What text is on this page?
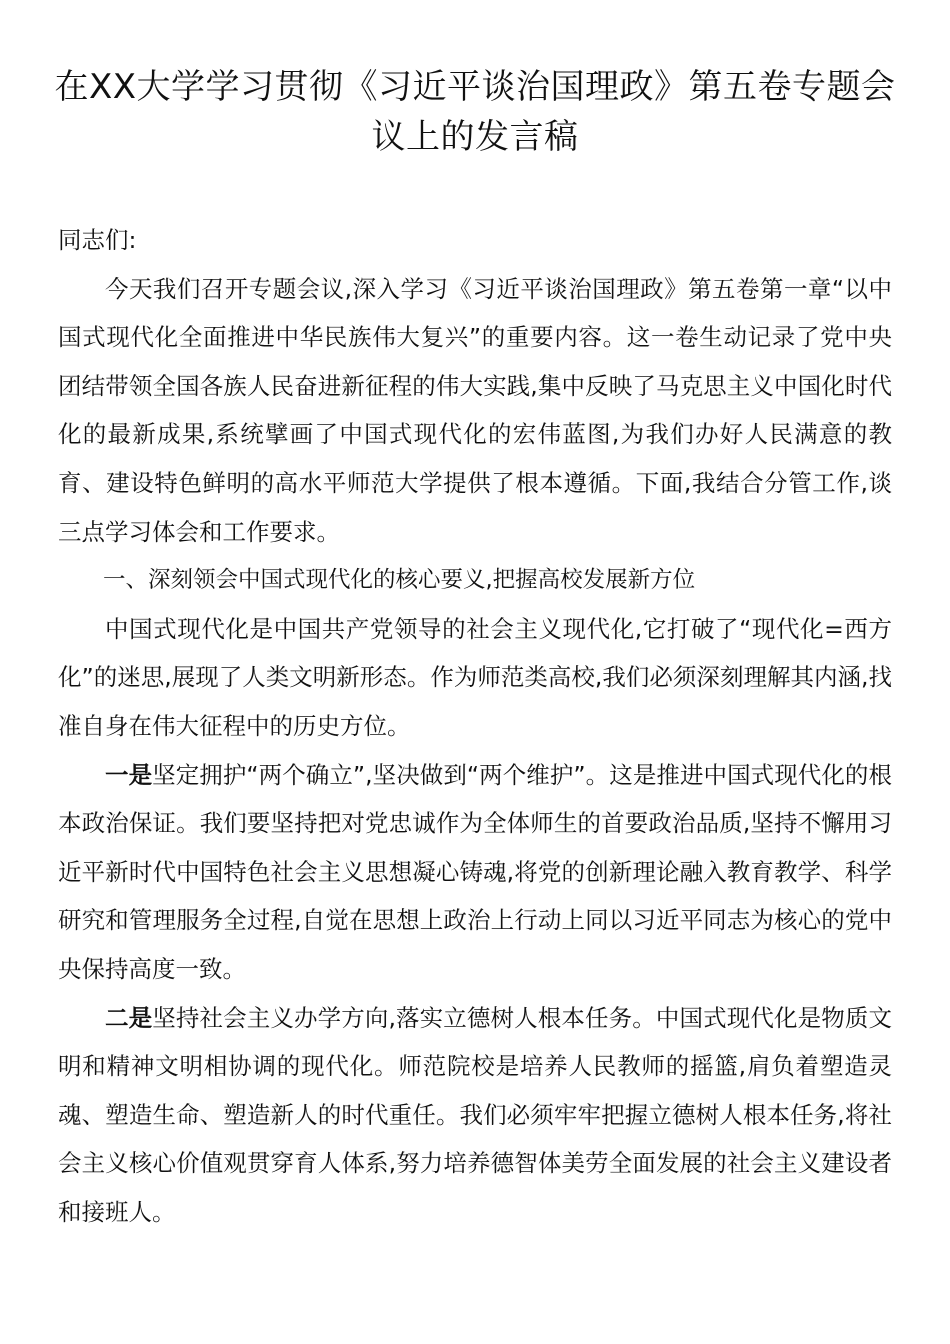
在XX大学学习贯彻《习近平谈治国理政》第五卷专题会议上的发言稿

同志们:

今天我们召开专题会议,深入学习《习近平谈治国理政》第五卷第一章“以中国式现代化全面推进中华民族伟大复兴”的重要内容。这一卷生动记录了党中央团结带领全国各族人民奋进新征程的伟大实践,集中反映了马克思主义中国化时代化的最新成果,系统擘画了中国式现代化的宏伟蓝图,为我们办好人民满意的教育、建设特色鲜明的高水平师范大学提供了根本遵循。下面,我结合分管工作,谈三点学习体会和工作要求。

一、深刻领会中国式现代化的核心要义,把握高校发展新方位

中国式现代化是中国共产党领导的社会主义现代化,它打破了“现代化=西方化”的迷思,展现了人类文明新形态。作为师范类高校,我们必须深刻理解其内涵,找准自身在伟大征程中的历史方位。

一是坚定拥护“两个确立”,坚决做到“两个维护”。这是推进中国式现代化的根本政治保证。我们要坚持把对党忠诚作为全体师生的首要政治品质,坚持不懈用习近平新时代中国特色社会主义思想凝心铸魂,将党的创新理论融入教育教学、科学研究和管理服务全过程,自觉在思想上政治上行动上同以习近平同志为核心的党中央保持高度一致。

二是坚持社会主义办学方向,落实立德树人根本任务。中国式现代化是物质文明和精神文明相协调的现代化。师范院校是培养人民教师的摇篮,肩负着塑造灵魂、塑造生命、塑造新人的时代重任。我们必须牢牢把握立德树人根本任务,将社会主义核心价值观贯穿育人体系,努力培养德智体美劳全面发展的社会主义建设者和接班人。
